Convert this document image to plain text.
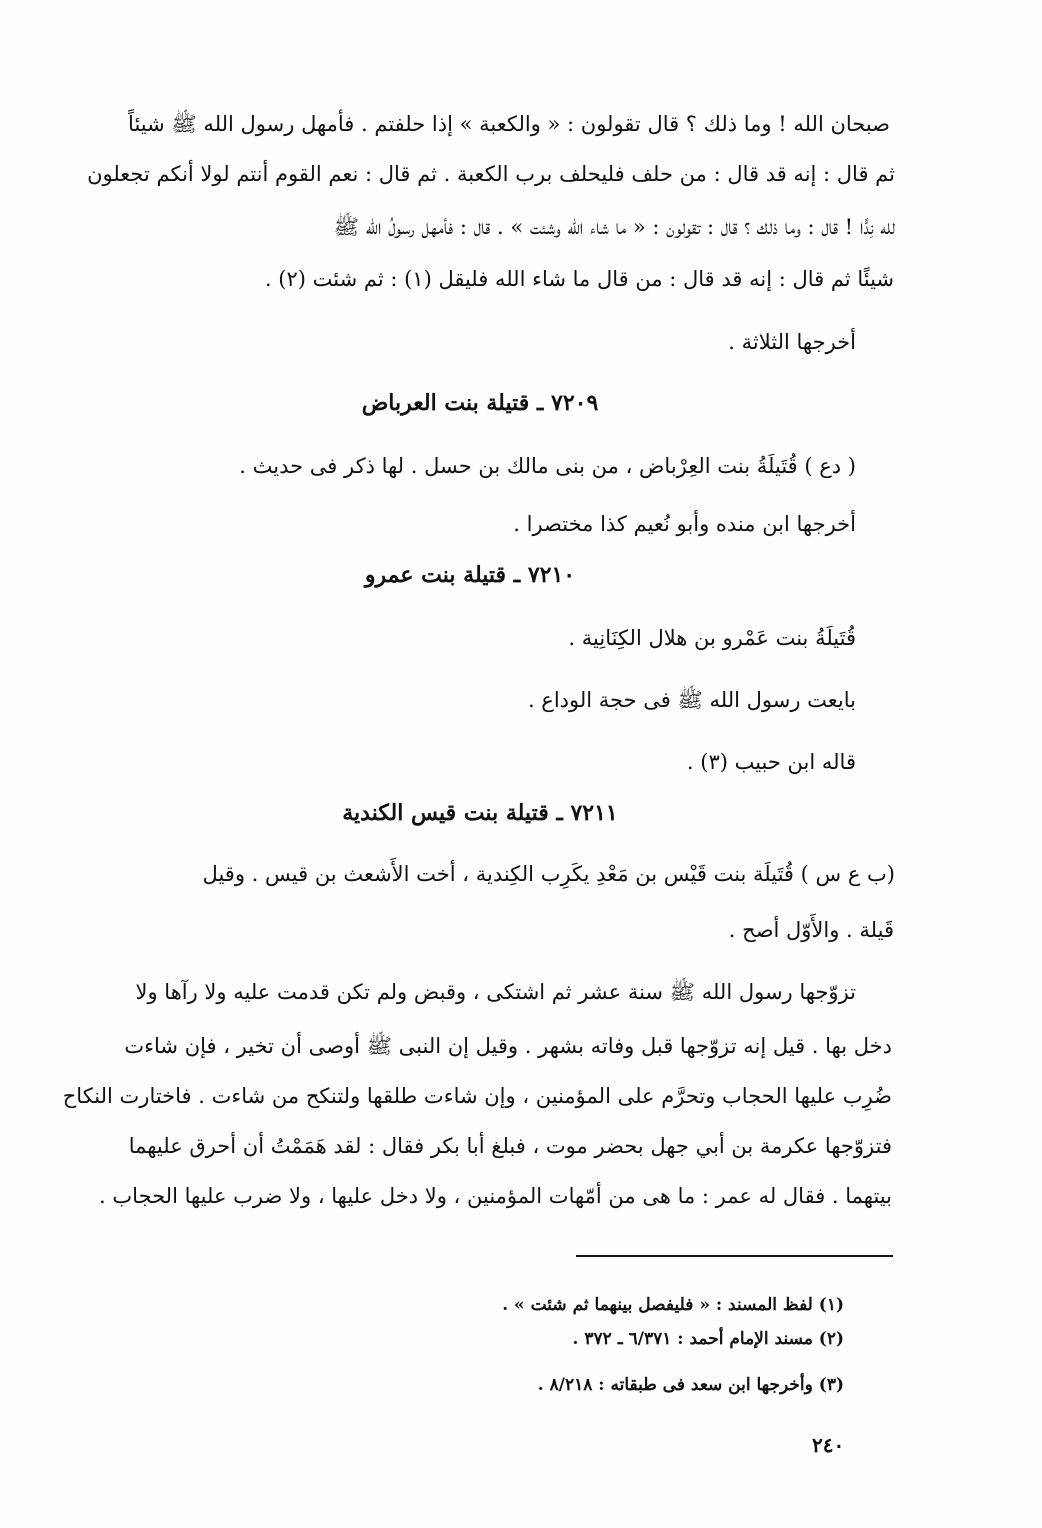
صبحان الله ! وما ذلك ؟ قال تقولون : « والكعبة » إذا حلفتم . فأمهل رسول الله ﷺ شيئاً
ثم قال : إنه قد قال : من حلف فليحلف برب الكعبة . ثم قال : نعم القوم أنتم لولا أنكم تجعلون
لله نِدًّا ! قال : وما ذلك ؟ قال : تقولون : « ما شاء الله وشئت » . قال : فأمهل رسولُ الله ﷺ
شيئًا ثم قال : إنه قد قال : من قال ما شاء الله فليقل (١) : ثم شئت (٢) .
أخرجها الثلاثة .
٧٢٠٩ ـ قتيلة بنت العرباض
( دع ) قُتَيلَةُ بنت العِرْباض ، من بنى مالك بن حسل . لها ذكر فى حديث .
أخرجها ابن منده وأبو نُعيم كذا مختصرا .
٧٢١٠ ـ قتيلة بنت عمرو
قُتَيلَةُ بنت عَمْرو بن هلال الكِنَانِية .
بايعت رسول الله ﷺ فى حجة الوداع .
قاله ابن حبيب (٣) .
٧٢١١ ـ قتيلة بنت قيس الكندية
(ب ع س ) قُتَيلَة بنت قَيْس بن مَعْدِ يكَرِب الكِندية ، أخت الأَشعث بن قيس . وقيل
قَيلة . والأَوّل أصح .
تزوّجها رسول الله ﷺ سنة عشر ثم اشتكى ، وقبض ولم تكن قدمت عليه ولا رآها ولا
دخل بها . قيل إنه تزوّجها قبل وفاته بشهر . وقيل إن النبى ﷺ أوصى أن تخير ، فإن شاءت
ضُرِب عليها الحجاب وتحرَّم على المؤمنين ، وإن شاءت طلقها ولتنكح من شاءت . فاختارت النكاح
فتزوّجها عكرمة بن أبي جهل بحضر موت ، فبلغ أبا بكر فقال : لقد هَمَمْتُ أن أحرق عليهما
بيتهما . فقال له عمر : ما هى من أمّهات المؤمنين ، ولا دخل عليها ، ولا ضرب عليها الحجاب .
(١) لفظ المسند : « فليفصل بينهما ثم شئت » .
(٢) مسند الإمام أحمد : ٦/٣٧١ ـ ٣٧٢ .
(٣) وأخرجها ابن سعد فى طبقاته : ٨/٢١٨ .
٢٤٠
